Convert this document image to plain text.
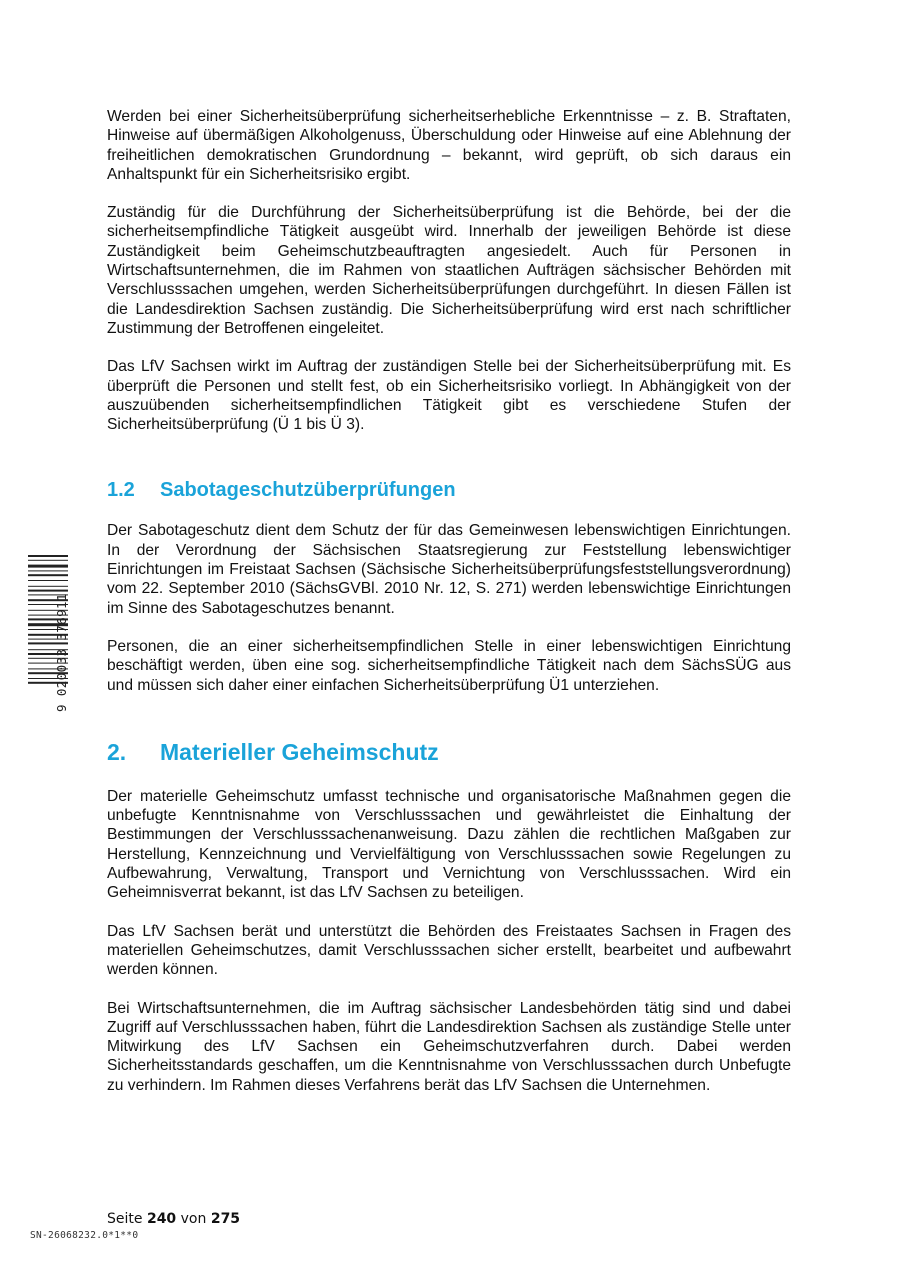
Werden bei einer Sicherheitsüberprüfung sicherheitserhebliche Erkenntnisse – z. B. Straftaten, Hinweise auf übermäßigen Alkoholgenuss, Überschuldung oder Hinweise auf eine Ablehnung der freiheitlichen demokratischen Grundordnung – bekannt, wird geprüft, ob sich daraus ein Anhaltspunkt für ein Sicherheitsrisiko ergibt.

Zuständig für die Durchführung der Sicherheitsüberprüfung ist die Behörde, bei der die sicherheitsempfindliche Tätigkeit ausgeübt wird. Innerhalb der jeweiligen Behörde ist diese Zuständigkeit beim Geheimschutzbeauftragten angesiedelt. Auch für Personen in Wirtschaftsunternehmen, die im Rahmen von staatlichen Aufträgen sächsischer Behörden mit Verschlusssachen umgehen, werden Sicherheitsüberprüfungen durchgeführt. In diesen Fällen ist die Landesdirektion Sachsen zuständig. Die Sicherheitsüberprüfung wird erst nach schriftlicher Zustimmung der Betroffenen eingeleitet.

Das LfV Sachsen wirkt im Auftrag der zuständigen Stelle bei der Sicherheitsüberprüfung mit. Es überprüft die Personen und stellt fest, ob ein Sicherheitsrisiko vorliegt. In Abhängigkeit von der auszuübenden sicherheitsempfindlichen Tätigkeit gibt es verschiedene Stufen der Sicherheitsüberprüfung (Ü 1 bis Ü 3).

1.2	Sabotageschutzüberprüfungen

Der Sabotageschutz dient dem Schutz der für das Gemeinwesen lebenswichtigen Einrichtungen. In der Verordnung der Sächsischen Staatsregierung zur Feststellung lebenswichtiger Einrichtungen im Freistaat Sachsen (Sächsische Sicherheitsüberprüfungsfeststellungsverordnung) vom 22. September 2010 (SächsGVBl. 2010 Nr. 12, S. 271) werden lebenswichtige Einrichtungen im Sinne des Sabotageschutzes benannt.

Personen, die an einer sicherheitsempfindlichen Stelle in einer lebenswichtigen Einrichtung beschäftigt werden, üben eine sog. sicherheitsempfindliche Tätigkeit nach dem SächsSÜG aus und müssen sich daher einer einfachen Sicherheitsüberprüfung Ü1 unterziehen.

2.	Materieller Geheimschutz

Der materielle Geheimschutz umfasst technische und organisatorische Maßnahmen gegen die unbefugte Kenntnisnahme von Verschlusssachen und gewährleistet die Einhaltung der Bestimmungen der Verschlusssachenanweisung. Dazu zählen die rechtlichen Maßgaben zur Herstellung, Kennzeichnung und Vervielfältigung von Verschlusssachen sowie Regelungen zu Aufbewahrung, Verwaltung, Transport und Vernichtung von Verschlusssachen. Wird ein Geheimnisverrat bekannt, ist das LfV Sachsen zu beteiligen.

Das LfV Sachsen berät und unterstützt die Behörden des Freistaates Sachsen in Fragen des materiellen Geheimschutzes, damit Verschlusssachen sicher erstellt, bearbeitet und aufbewahrt werden können.

Bei Wirtschaftsunternehmen, die im Auftrag sächsischer Landesbehörden tätig sind und dabei Zugriff auf Verschlusssachen haben, führt die Landesdirektion Sachsen als zuständige Stelle unter Mitwirkung des LfV Sachsen ein Geheimschutzverfahren durch. Dabei werden Sicherheitsstandards geschaffen, um die Kenntnisnahme von Verschlusssachen durch Unbefugte zu verhindern. Im Rahmen dieses Verfahrens berät das LfV Sachsen die Unternehmen.

9 020033 376911
Seite 240 von 275
SN-26068232.0*1**0
